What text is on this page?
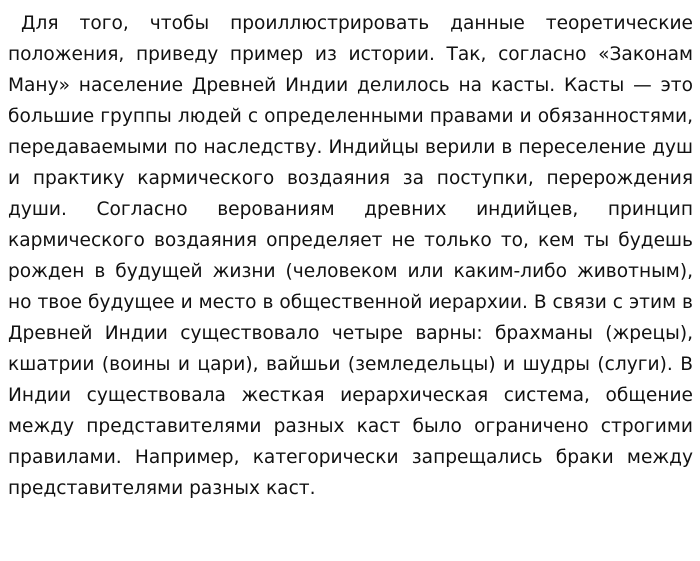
Для того, чтобы проиллюстрировать данные теоретические положения, приведу пример из истории. Так, согласно «Законам Ману» население Древней Индии делилось на касты. Касты — это большие группы людей с определенными правами и обязанностями, передаваемыми по наследству. Индийцы верили в переселение душ и практику кармического воздаяния за поступки, перерождения души. Согласно верованиям древних индийцев, принцип кармического воздаяния определяет не только то, кем ты будешь рожден в будущей жизни (человеком или каким-либо животным), но твое будущее и место в общественной иерархии. В связи с этим в Древней Индии существовало четыре варны: брахманы (жрецы), кшатрии (воины и цари), вайшьи (земледельцы) и шудры (слуги). В Индии существовала жесткая иерархическая система, общение между представителями разных каст было ограничено строгими правилами. Например, категорически запрещались браки между представителями разных каст.
